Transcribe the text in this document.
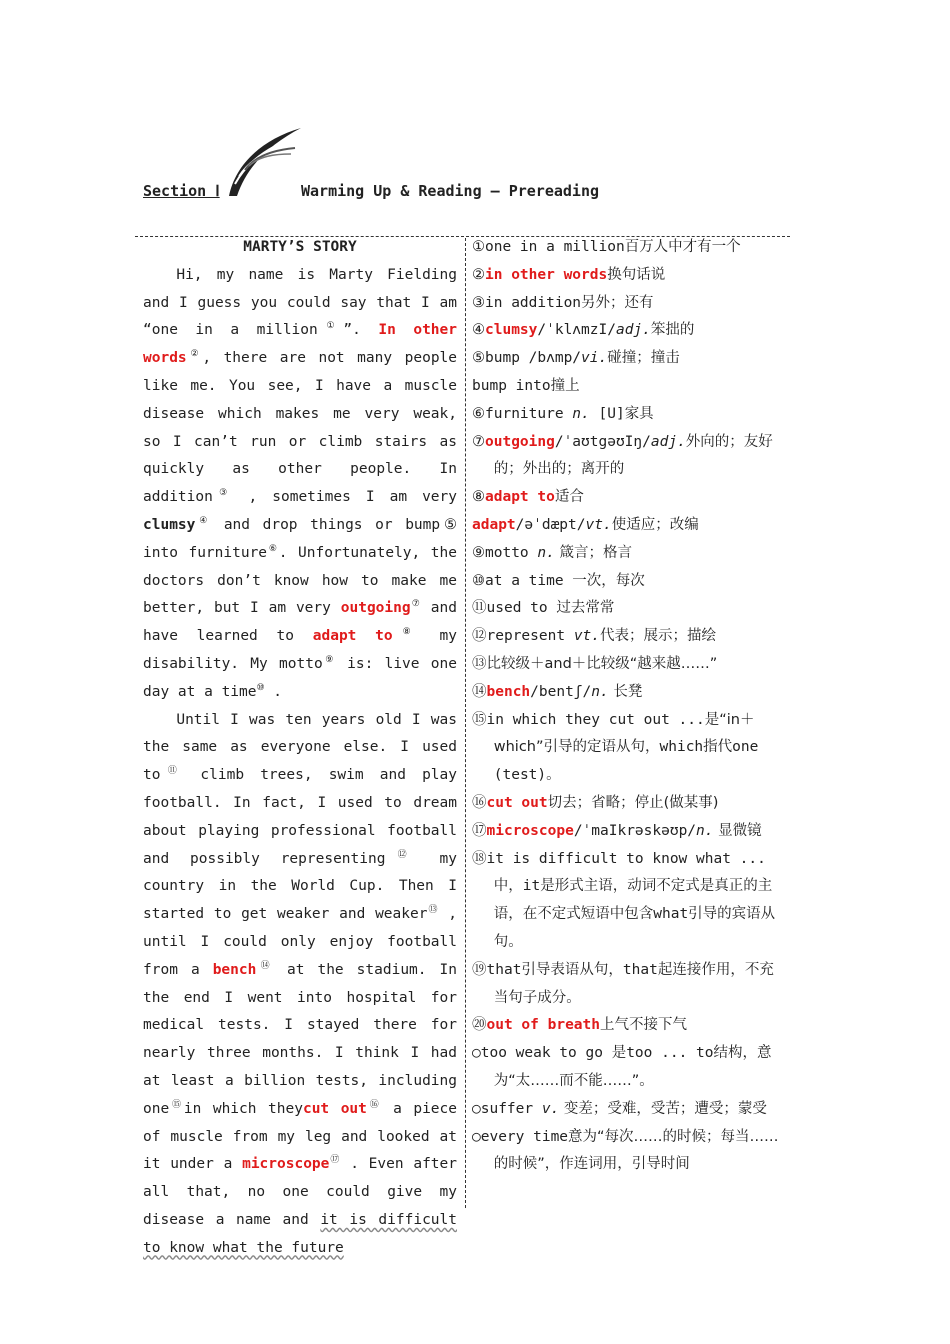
Section Ⅰ	Warming Up & Reading — Prereading
MARTY’S STORY

Hi, my name is Marty Fielding and I guess you could say that I am “one in a million①”. In other words②, there are not many people like me. You see, I have a muscle disease which makes me very weak, so I can’t run or climb stairs as quickly as other people. In addition③ , sometimes I am very clumsy④ and drop things or bump⑤ into furniture⑥. Unfortunately, the doctors don’t know how to make me better, but I am very outgoing⑦ and have learned to adapt to⑧ my disability. My motto⑨ is: live one day at a time⑩ .

Until I was ten years old I was the same as everyone else. I used to⑪ climb trees, swim and play football. In fact, I used to dream about playing professional football and possibly representing⑫ my country in the World Cup. Then I started to get weaker and weaker⑬ , until I could only enjoy football from a bench⑭ at the stadium. In the end I went into hospital for medical tests. I stayed there for nearly three months. I think I had at least a billion tests, including one⑮in which theycut out⑯ a piece of muscle from my leg and looked at it under a microscope⑰ . Even after all that, no one could give my disease a name and it is difficult to know what the future

①one in a million百万人中才有一个
②in other words换句话说
③in addition另外；还有
④clumsy/ˈklʌmzI/adj.笨拙的
⑤bump /bʌmp/vi.碰撞；撞击
bump into撞上
⑥furniture n. [U]家具
⑦outgoing/ˈaʊtgəʊIŋ/adj.外向的；友好的；外出的；离开的
⑧adapt to适合
adapt/əˈdæpt/vt.使适应；改编
⑨motto n. 箴言；格言
⑩at a time 一次，每次
⑪used to 过去常常
⑫represent vt.代表；展示；描绘
⑬比较级＋and＋比较级“越来越……”
⑭bench/bentʃ/n. 长凳
⑮in which they cut out ...是“in＋which”引导的定语从句，which指代one (test)。
⑯cut out切去；省略；停止(做某事)
⑰microscope/ˈmaIkrəskəʊp/n. 显微镜
⑱it is difficult to know what ...中，it是形式主语，动词不定式是真正的主语，在不定式短语中包含what引导的宾语从句。
⑲that引导表语从句，that起连接作用，不充当句子成分。
⑳out of breath上气不接下气
○too weak to go 是too ... to结构，意为“太……而不能……”。
○suffer v. 变差；受难，受苦；遭受；蒙受
○every time意为“每次……的时候；每当……的时候”，作连词用，引导时间
